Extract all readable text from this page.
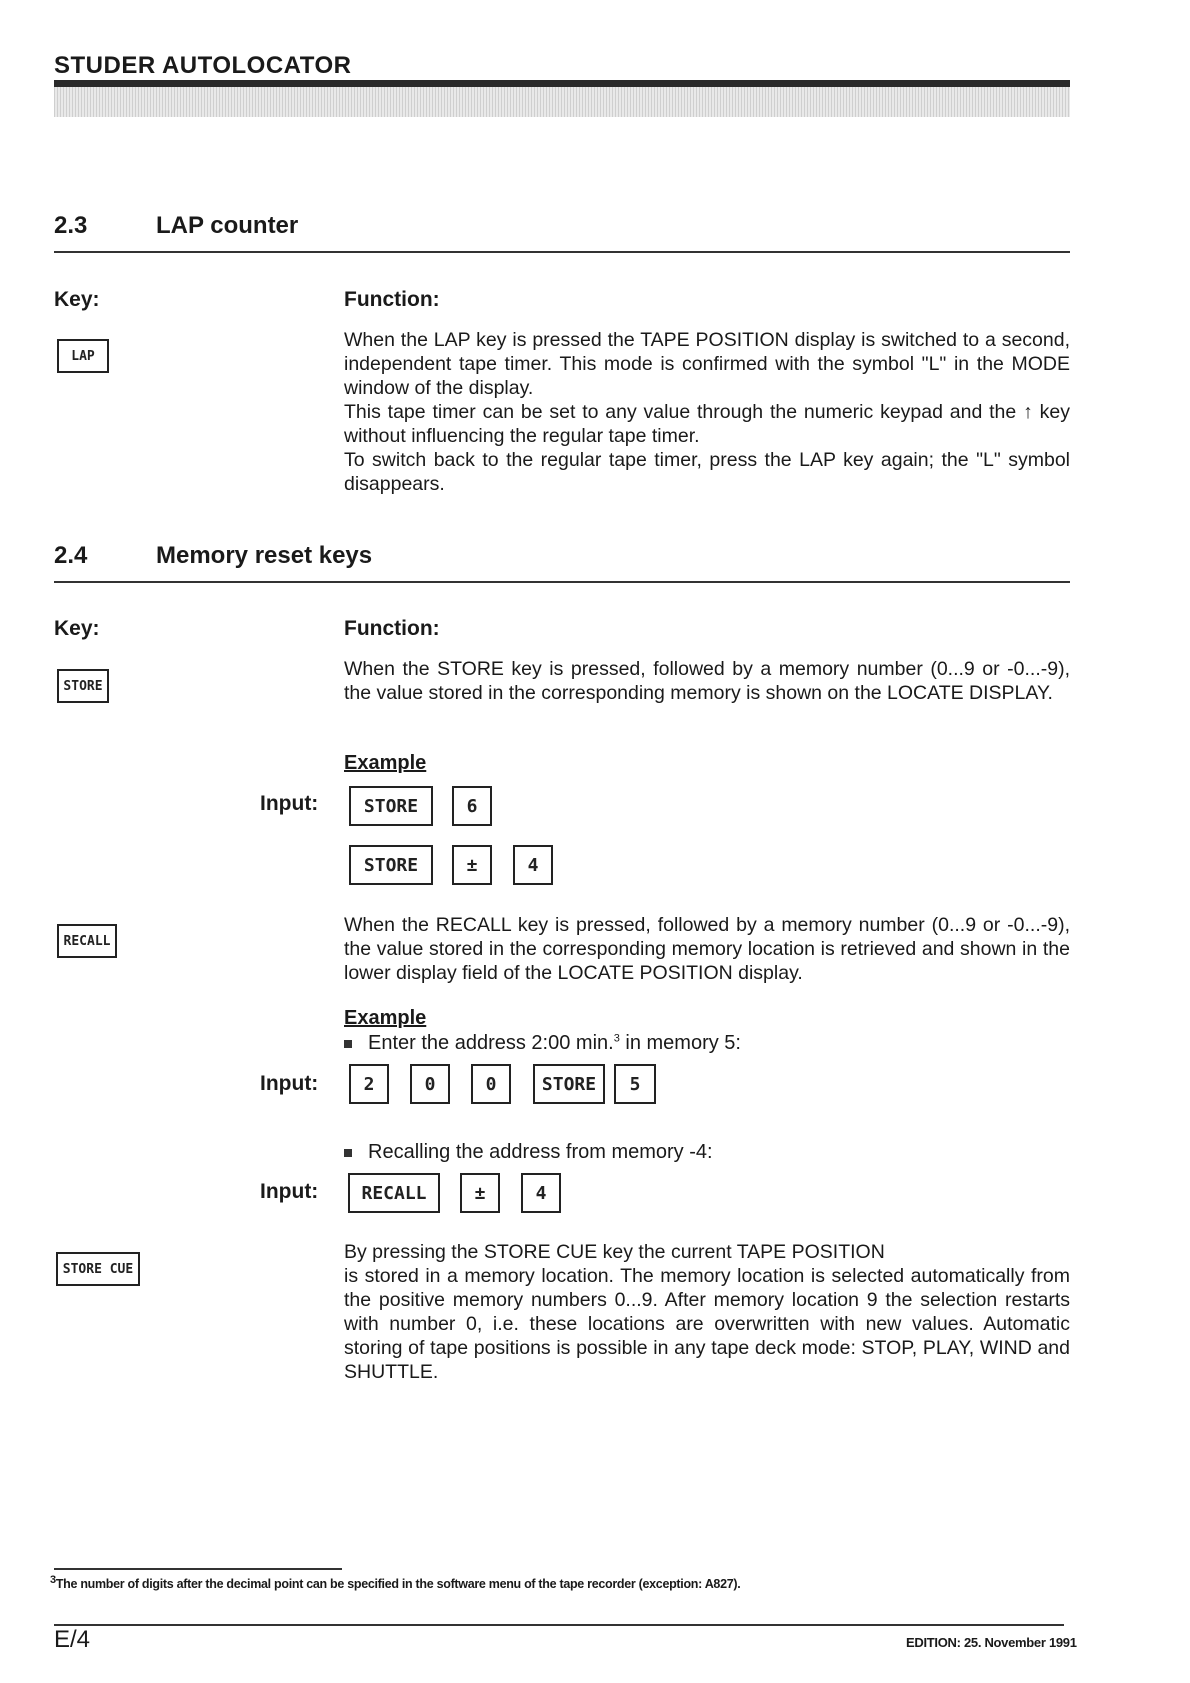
STUDER AUTOLOCATOR
2.3	LAP counter
Key:	Function:
LAP

When the LAP key is pressed the TAPE POSITION display is switched to a second, independent tape timer. This mode is confirmed with the symbol "L" in the MODE window of the display.

This tape timer can be set to any value through the numeric keypad and the ↑ key without influencing the regular tape timer.

To switch back to the regular tape timer, press the LAP key again; the "L" symbol disappears.

2.4	Memory reset keys
Key:	Function:
STORE

When the STORE key is pressed, followed by a memory number (0...9 or -0...-9), the value stored in the corresponding memory is shown on the LOCATE DISPLAY.

Example
Input:	STORE	6
STORE	±	4
RECALL

When the RECALL key is pressed, followed by a memory number (0...9 or -0...-9), the value stored in the corresponding memory location is retrieved and shown in the lower display field of the LOCATE POSITION display.

Example
Enter the address 2:00 min.$^3$ in memory 5:
Input:	2	0	0	STORE	5
Recalling the address from memory -4:
Input:	RECALL	±	4
STORE CUE

By pressing the STORE CUE key the current TAPE POSITION

is stored in a memory location. The memory location is selected automatically from the positive memory numbers 0...9. After memory location 9 the selection restarts with number 0, i.e. these locations are overwritten with new values. Automatic storing of tape positions is possible in any tape deck mode: STOP, PLAY, WIND and SHUTTLE.

$^3$The number of digits after the decimal point can be specified in the software menu of the tape recorder (exception: A827).
E/4	EDITION: 25. November 1991
